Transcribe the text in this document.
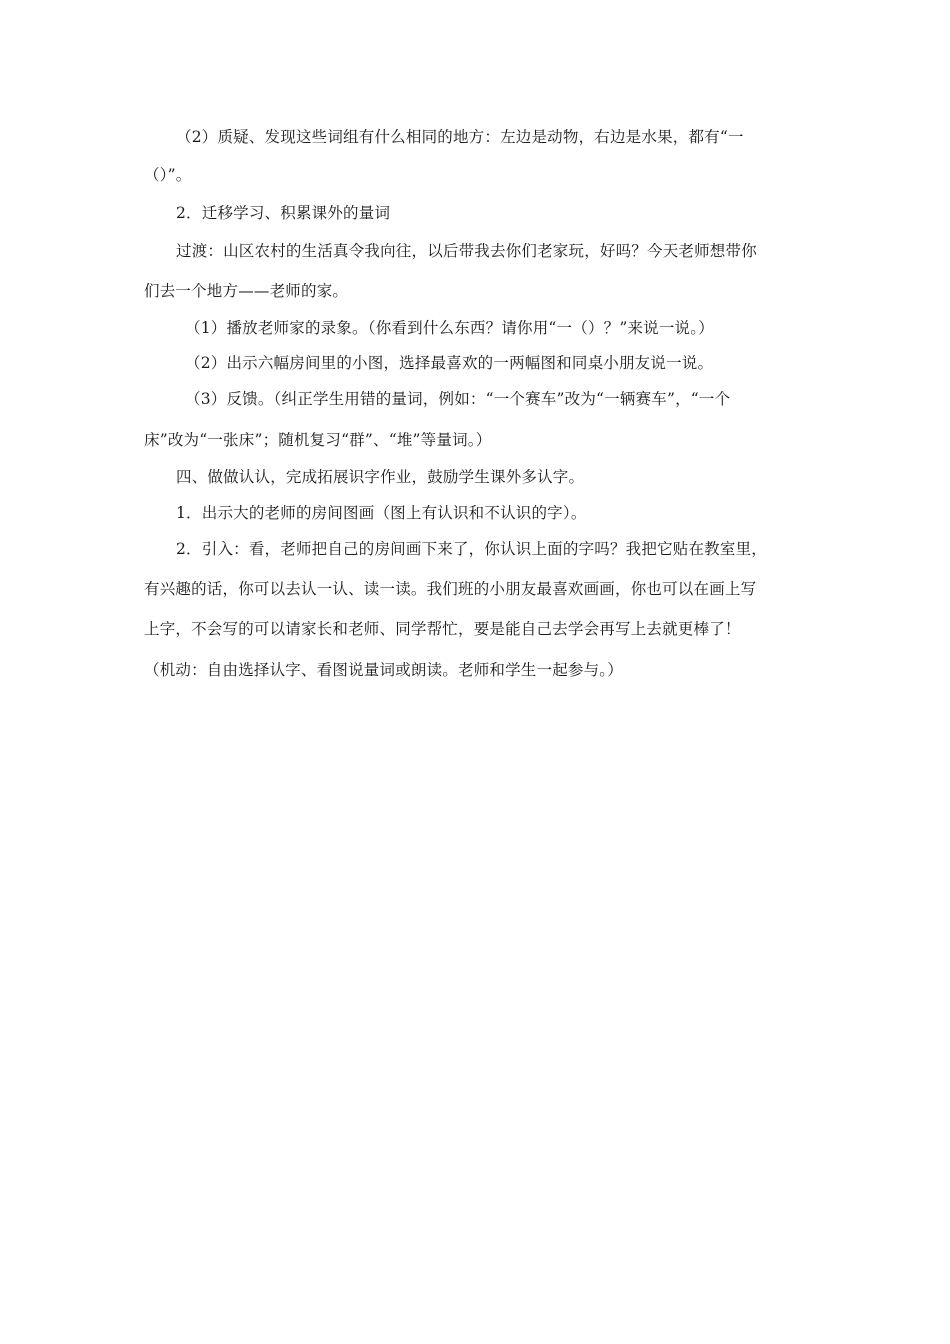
（2）质疑、发现这些词组有什么相同的地方：左边是动物，右边是水果，都有“一
（）”。
2．迁移学习、积累课外的量词
过渡：山区农村的生活真令我向往，以后带我去你们老家玩，好吗？今天老师想带你
们去一个地方——老师的家。
（1）播放老师家的录象。（你看到什么东西？请你用“一（）？”来说一说。）
（2）出示六幅房间里的小图，选择最喜欢的一两幅图和同桌小朋友说一说。
（3）反馈。（纠正学生用错的量词，例如：“一个赛车”改为“一辆赛车”，“一个
床”改为“一张床”；随机复习“群”、“堆”等量词。）
四、做做认认，完成拓展识字作业，鼓励学生课外多认字。
1．出示大的老师的房间图画（图上有认识和不认识的字）。
2．引入：看，老师把自己的房间画下来了，你认识上面的字吗？我把它贴在教室里，
有兴趣的话，你可以去认一认、读一读。我们班的小朋友最喜欢画画，你也可以在画上写
上字，不会写的可以请家长和老师、同学帮忙，要是能自己去学会再写上去就更棒了！
（机动：自由选择认字、看图说量词或朗读。老师和学生一起参与。）
